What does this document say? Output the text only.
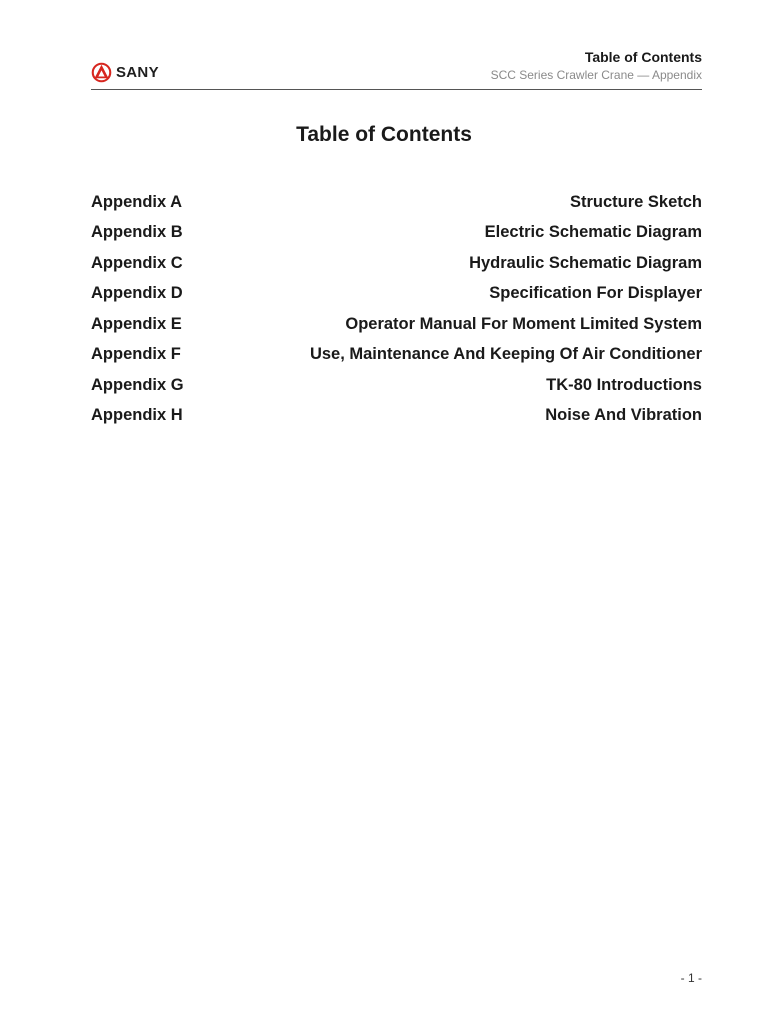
SANY
Table of Contents
SCC Series Crawler Crane — Appendix
Table of Contents
Appendix A	Structure Sketch
Appendix B	Electric Schematic Diagram
Appendix C	Hydraulic Schematic Diagram
Appendix D	Specification For Displayer
Appendix E	Operator Manual For Moment Limited System
Appendix F	Use, Maintenance And Keeping Of Air Conditioner
Appendix G	TK-80 Introductions
Appendix H	Noise And Vibration
- 1 -
